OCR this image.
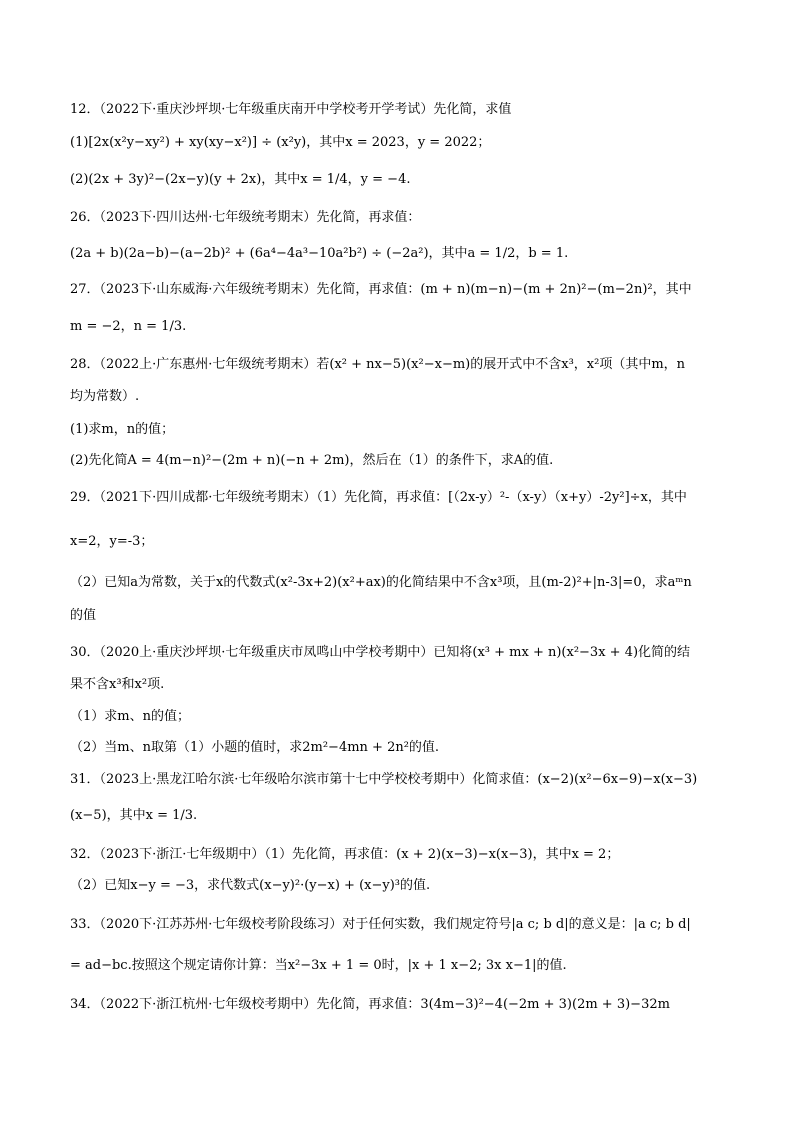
12．（2022下·重庆沙坪坝·七年级重庆南开中学校考开学考试）先化简，求值
(1)[2x(x²y−xy²) + xy(xy−x²)] ÷ (x²y)，其中x = 2023，y = 2022；
(2)(2x + 3y)²−(2x−y)(y + 2x)，其中x = 1/4，y = −4.
26．（2023下·四川达州·七年级统考期末）先化简，再求值：
(2a + b)(2a−b)−(a−2b)² + (6a⁴−4a³−10a²b²) ÷ (−2a²)，其中a = 1/2，b = 1.
27．（2023下·山东威海·六年级统考期末）先化简，再求值：(m + n)(m−n)−(m + 2n)²−(m−2n)²，其中
m = −2，n = 1/3.
28．（2022上·广东惠州·七年级统考期末）若(x² + nx−5)(x²−x−m)的展开式中不含x³，x²项（其中m，n
均为常数）.
(1)求m，n的值；
(2)先化简A = 4(m−n)²−(2m + n)(−n + 2m)，然后在（1）的条件下，求A的值.
29．（2021下·四川成都·七年级统考期末）（1）先化简，再求值：[（2x-y）²-（x-y）（x+y）-2y²]÷x，其中
x=2，y=-3；
（2）已知a为常数，关于x的代数式(x²-3x+2)(x²+ax)的化简结果中不含x³项，且(m-2)²+|n-3|=0，求aᵐn
的值
30．（2020上·重庆沙坪坝·七年级重庆市凤鸣山中学校考期中）已知将(x³ + mx + n)(x²−3x + 4)化简的结
果不含x³和x²项.
（1）求m、n的值；
（2）当m、n取第（1）小题的值时，求2m²−4mn + 2n²的值.
31．（2023上·黑龙江哈尔滨·七年级哈尔滨市第十七中学校校考期中）化简求值：(x−2)(x²−6x−9)−x(x−3)
(x−5)，其中x = 1/3.
32．（2023下·浙江·七年级期中）（1）先化简，再求值：(x + 2)(x−3)−x(x−3)，其中x = 2；
（2）已知x−y = −3，求代数式(x−y)²·(y−x) + (x−y)³的值.
33．（2020下·江苏苏州·七年级校考阶段练习）对于任何实数，我们规定符号|a c; b d|的意义是：|a c; b d|
= ad−bc.按照这个规定请你计算：当x²−3x + 1 = 0时，|x + 1 x−2; 3x x−1|的值.
34．（2022下·浙江杭州·七年级校考期中）先化简，再求值：3(4m−3)²−4(−2m + 3)(2m + 3)−32m
